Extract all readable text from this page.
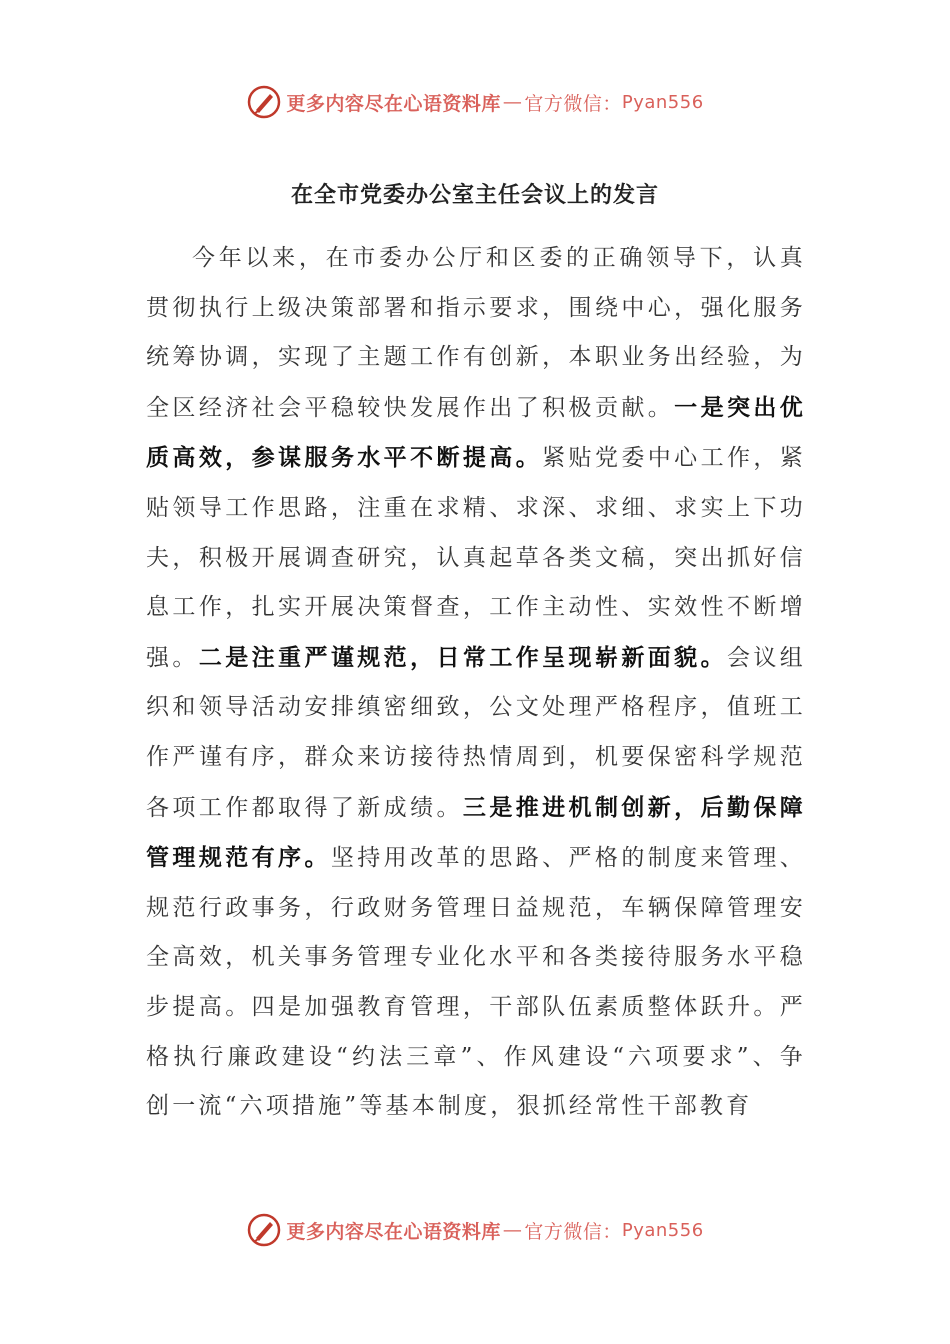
更多内容尽在心语资料库 — 官方微信： Pyan556
在全市党委办公室主任会议上的发言

今年以来，在市委办公厅和区委的正确领导下，认真贯彻执行上级决策部署和指示要求，围绕中心，强化服务统筹协调，实现了主题工作有创新，本职业务出经验，为全区经济社会平稳较快发展作出了积极贡献。一是突出优质高效，参谋服务水平不断提高。紧贴党委中心工作，紧贴领导工作思路，注重在求精、求深、求细、求实上下功夫，积极开展调查研究，认真起草各类文稿，突出抓好信息工作，扎实开展决策督查，工作主动性、实效性不断增强。二是注重严谨规范，日常工作呈现崭新面貌。会议组织和领导活动安排缜密细致，公文处理严格程序，值班工作严谨有序，群众来访接待热情周到，机要保密科学规范各项工作都取得了新成绩。三是推进机制创新，后勤保障管理规范有序。坚持用改革的思路、严格的制度来管理、规范行政事务，行政财务管理日益规范，车辆保障管理安全高效，机关事务管理专业化水平和各类接待服务水平稳步提高。四是加强教育管理，干部队伍素质整体跃升。严格执行廉政建设“约法三章”、作风建设“六项要求”、争创一流“六项措施”等基本制度，狠抓经常性干部教育

更多内容尽在心语资料库 — 官方微信： Pyan556
